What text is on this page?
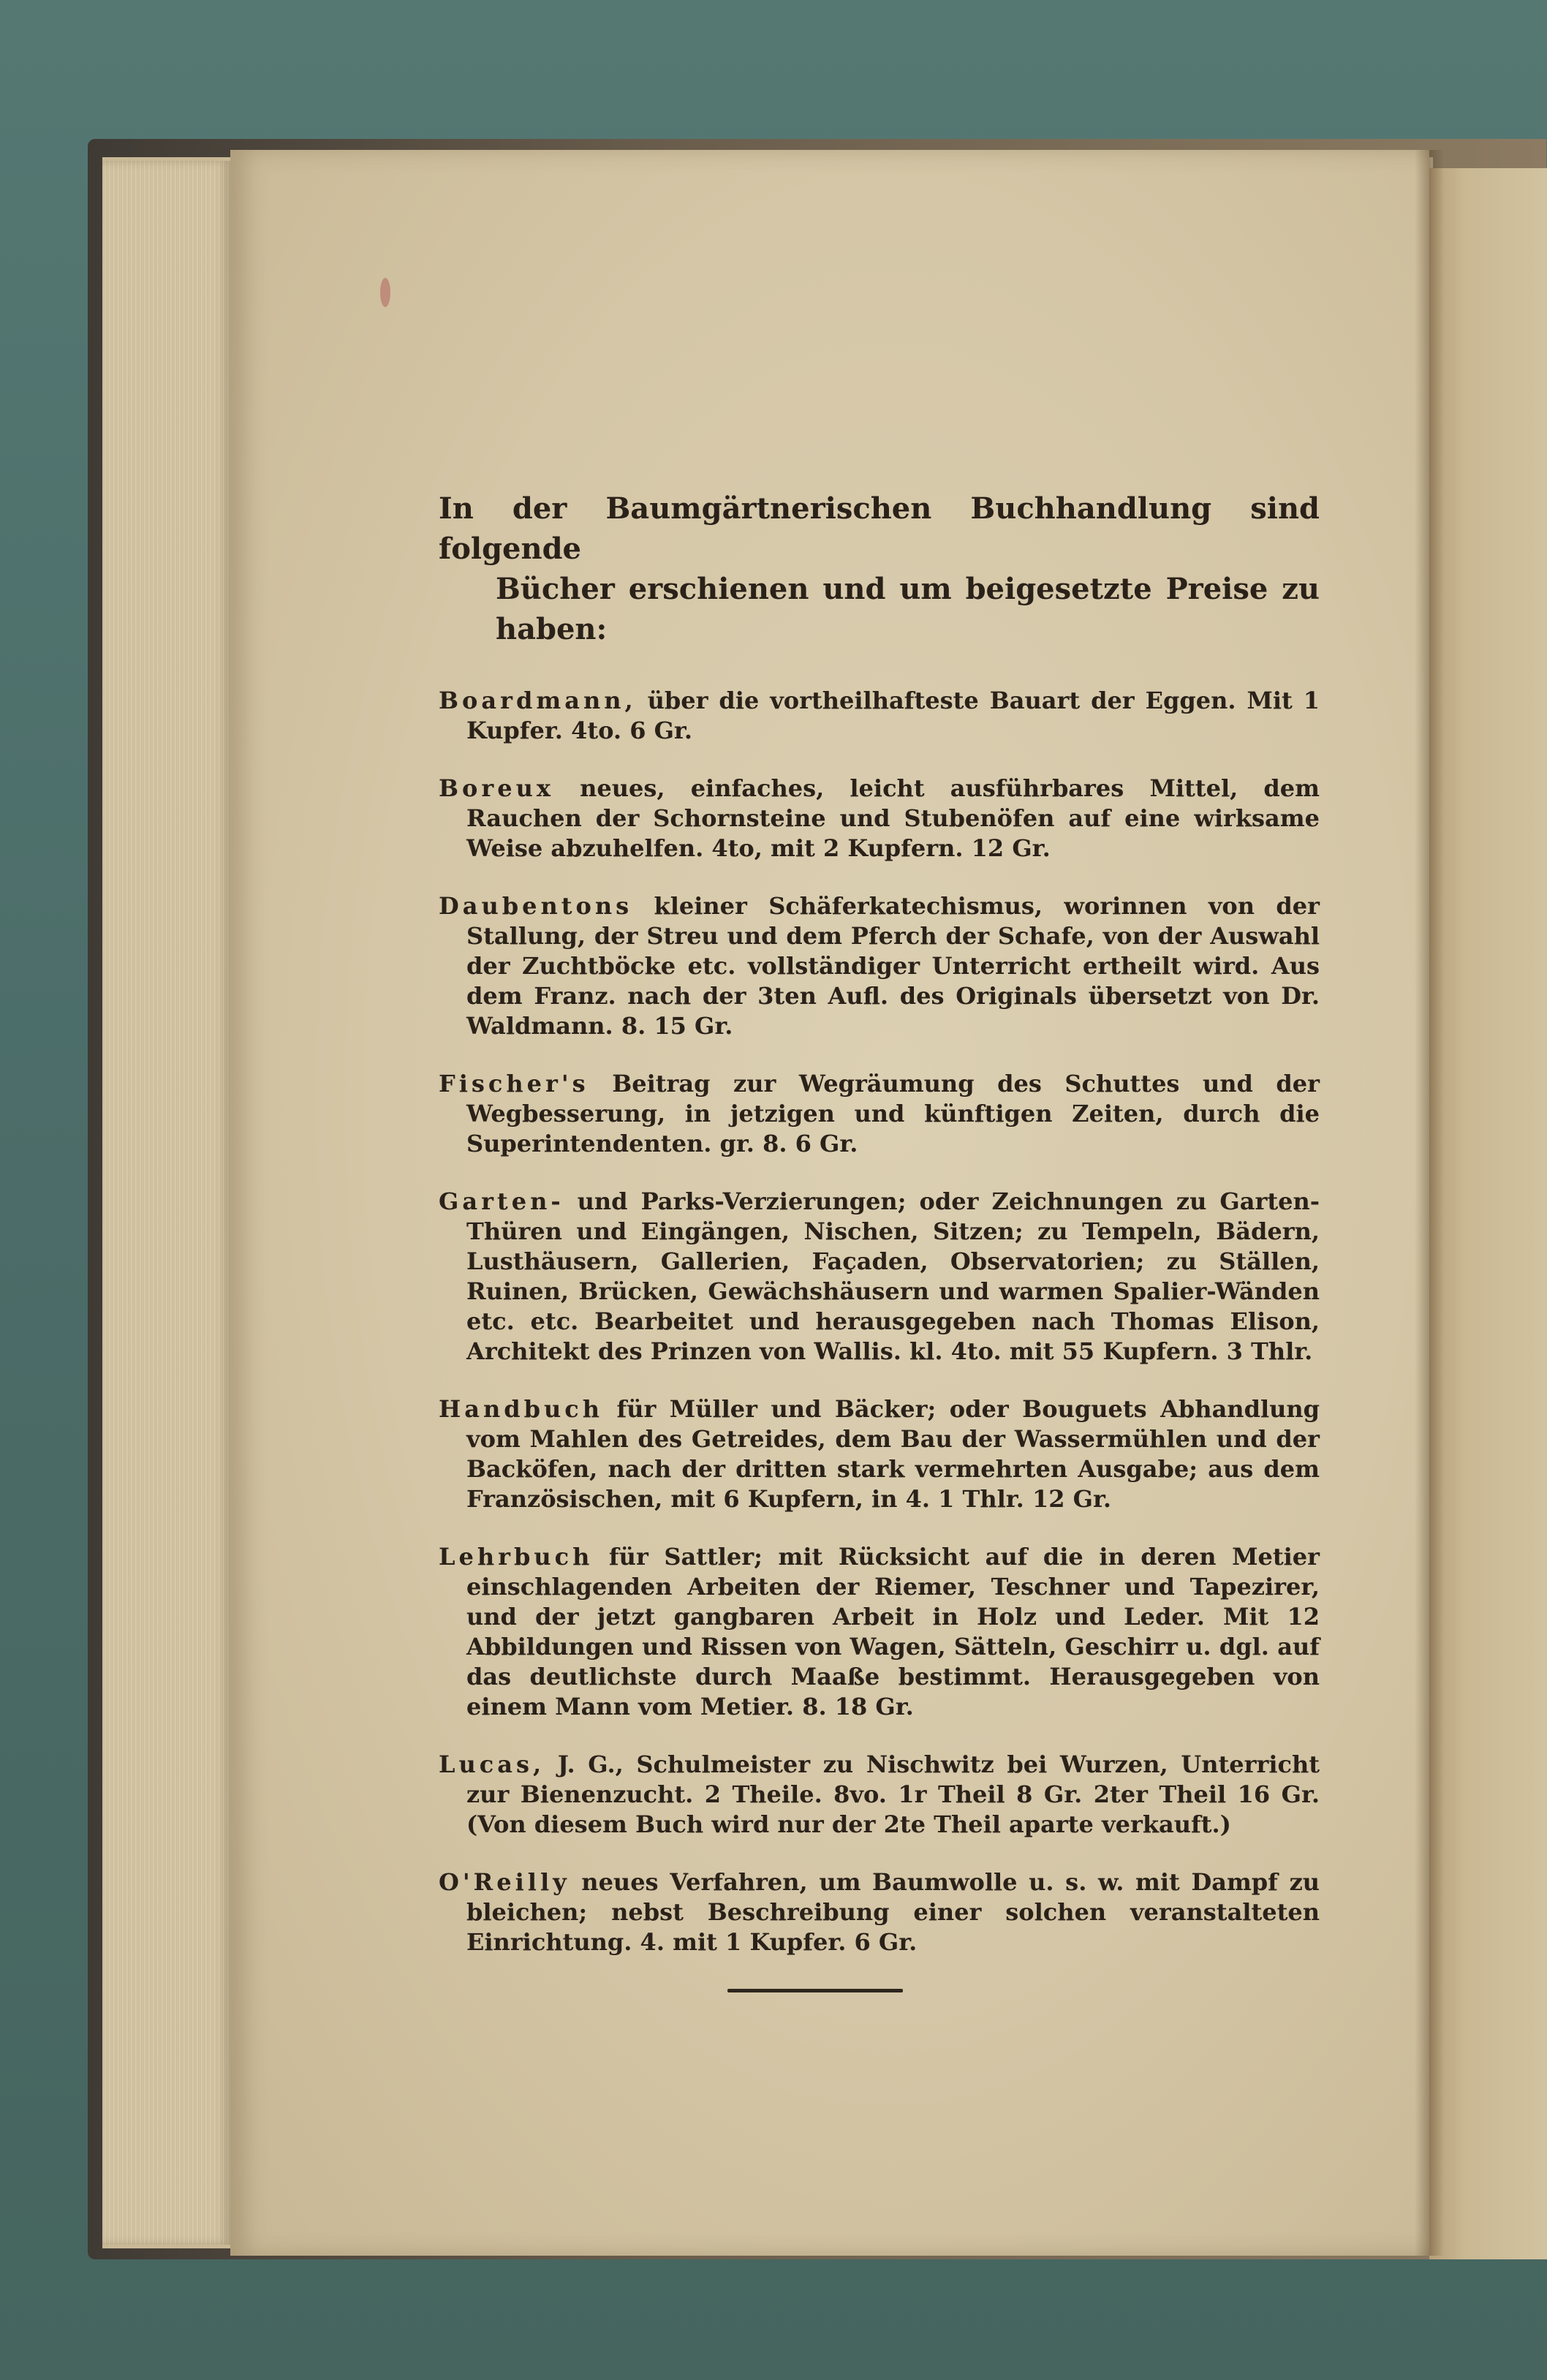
In der Baumgärtnerischen Buchhandlung sind folgende
Bücher erschienen und um beigesetzte Preise zu haben:

Boardmann, über die vortheilhafteste Bauart der Eggen. Mit 1 Kupfer. 4to. 6 Gr.

Boreux neues, einfaches, leicht ausführbares Mittel, dem Rauchen der Schornsteine und Stubenöfen auf eine wirksame Weise abzuhelfen. 4to, mit 2 Kupfern. 12 Gr.

Daubentons kleiner Schäferkatechismus, worinnen von der Stallung, der Streu und dem Pferch der Schafe, von der Auswahl der Zuchtböcke etc. vollständiger Unterricht ertheilt wird. Aus dem Franz. nach der 3ten Aufl. des Originals übersetzt von Dr. Waldmann. 8. 15 Gr.

Fischer's Beitrag zur Wegräumung des Schuttes und der Wegbesserung, in jetzigen und künftigen Zeiten, durch die Superintendenten. gr. 8. 6 Gr.

Garten- und Parks-Verzierungen; oder Zeichnungen zu Garten-Thüren und Eingängen, Nischen, Sitzen; zu Tempeln, Bädern, Lusthäusern, Gallerien, Façaden, Observatorien; zu Ställen, Ruinen, Brücken, Gewächshäusern und warmen Spalier-Wänden etc. etc. Bearbeitet und herausgegeben nach Thomas Elison, Architekt des Prinzen von Wallis. kl. 4to. mit 55 Kupfern. 3 Thlr.

Handbuch für Müller und Bäcker; oder Bouguets Abhandlung vom Mahlen des Getreides, dem Bau der Wassermühlen und der Backöfen, nach der dritten stark vermehrten Ausgabe; aus dem Französischen, mit 6 Kupfern, in 4. 1 Thlr. 12 Gr.

Lehrbuch für Sattler; mit Rücksicht auf die in deren Metier einschlagenden Arbeiten der Riemer, Teschner und Tapezirer, und der jetzt gangbaren Arbeit in Holz und Leder. Mit 12 Abbildungen und Rissen von Wagen, Sätteln, Geschirr u. dgl. auf das deutlichste durch Maaße bestimmt. Herausgegeben von einem Mann vom Metier. 8. 18 Gr.

Lucas, J. G., Schulmeister zu Nischwitz bei Wurzen, Unterricht zur Bienenzucht. 2 Theile. 8vo. 1r Theil 8 Gr. 2ter Theil 16 Gr. (Von diesem Buch wird nur der 2te Theil aparte verkauft.)

O'Reilly neues Verfahren, um Baumwolle u. s. w. mit Dampf zu bleichen; nebst Beschreibung einer solchen veranstalteten Einrichtung. 4. mit 1 Kupfer. 6 Gr.
